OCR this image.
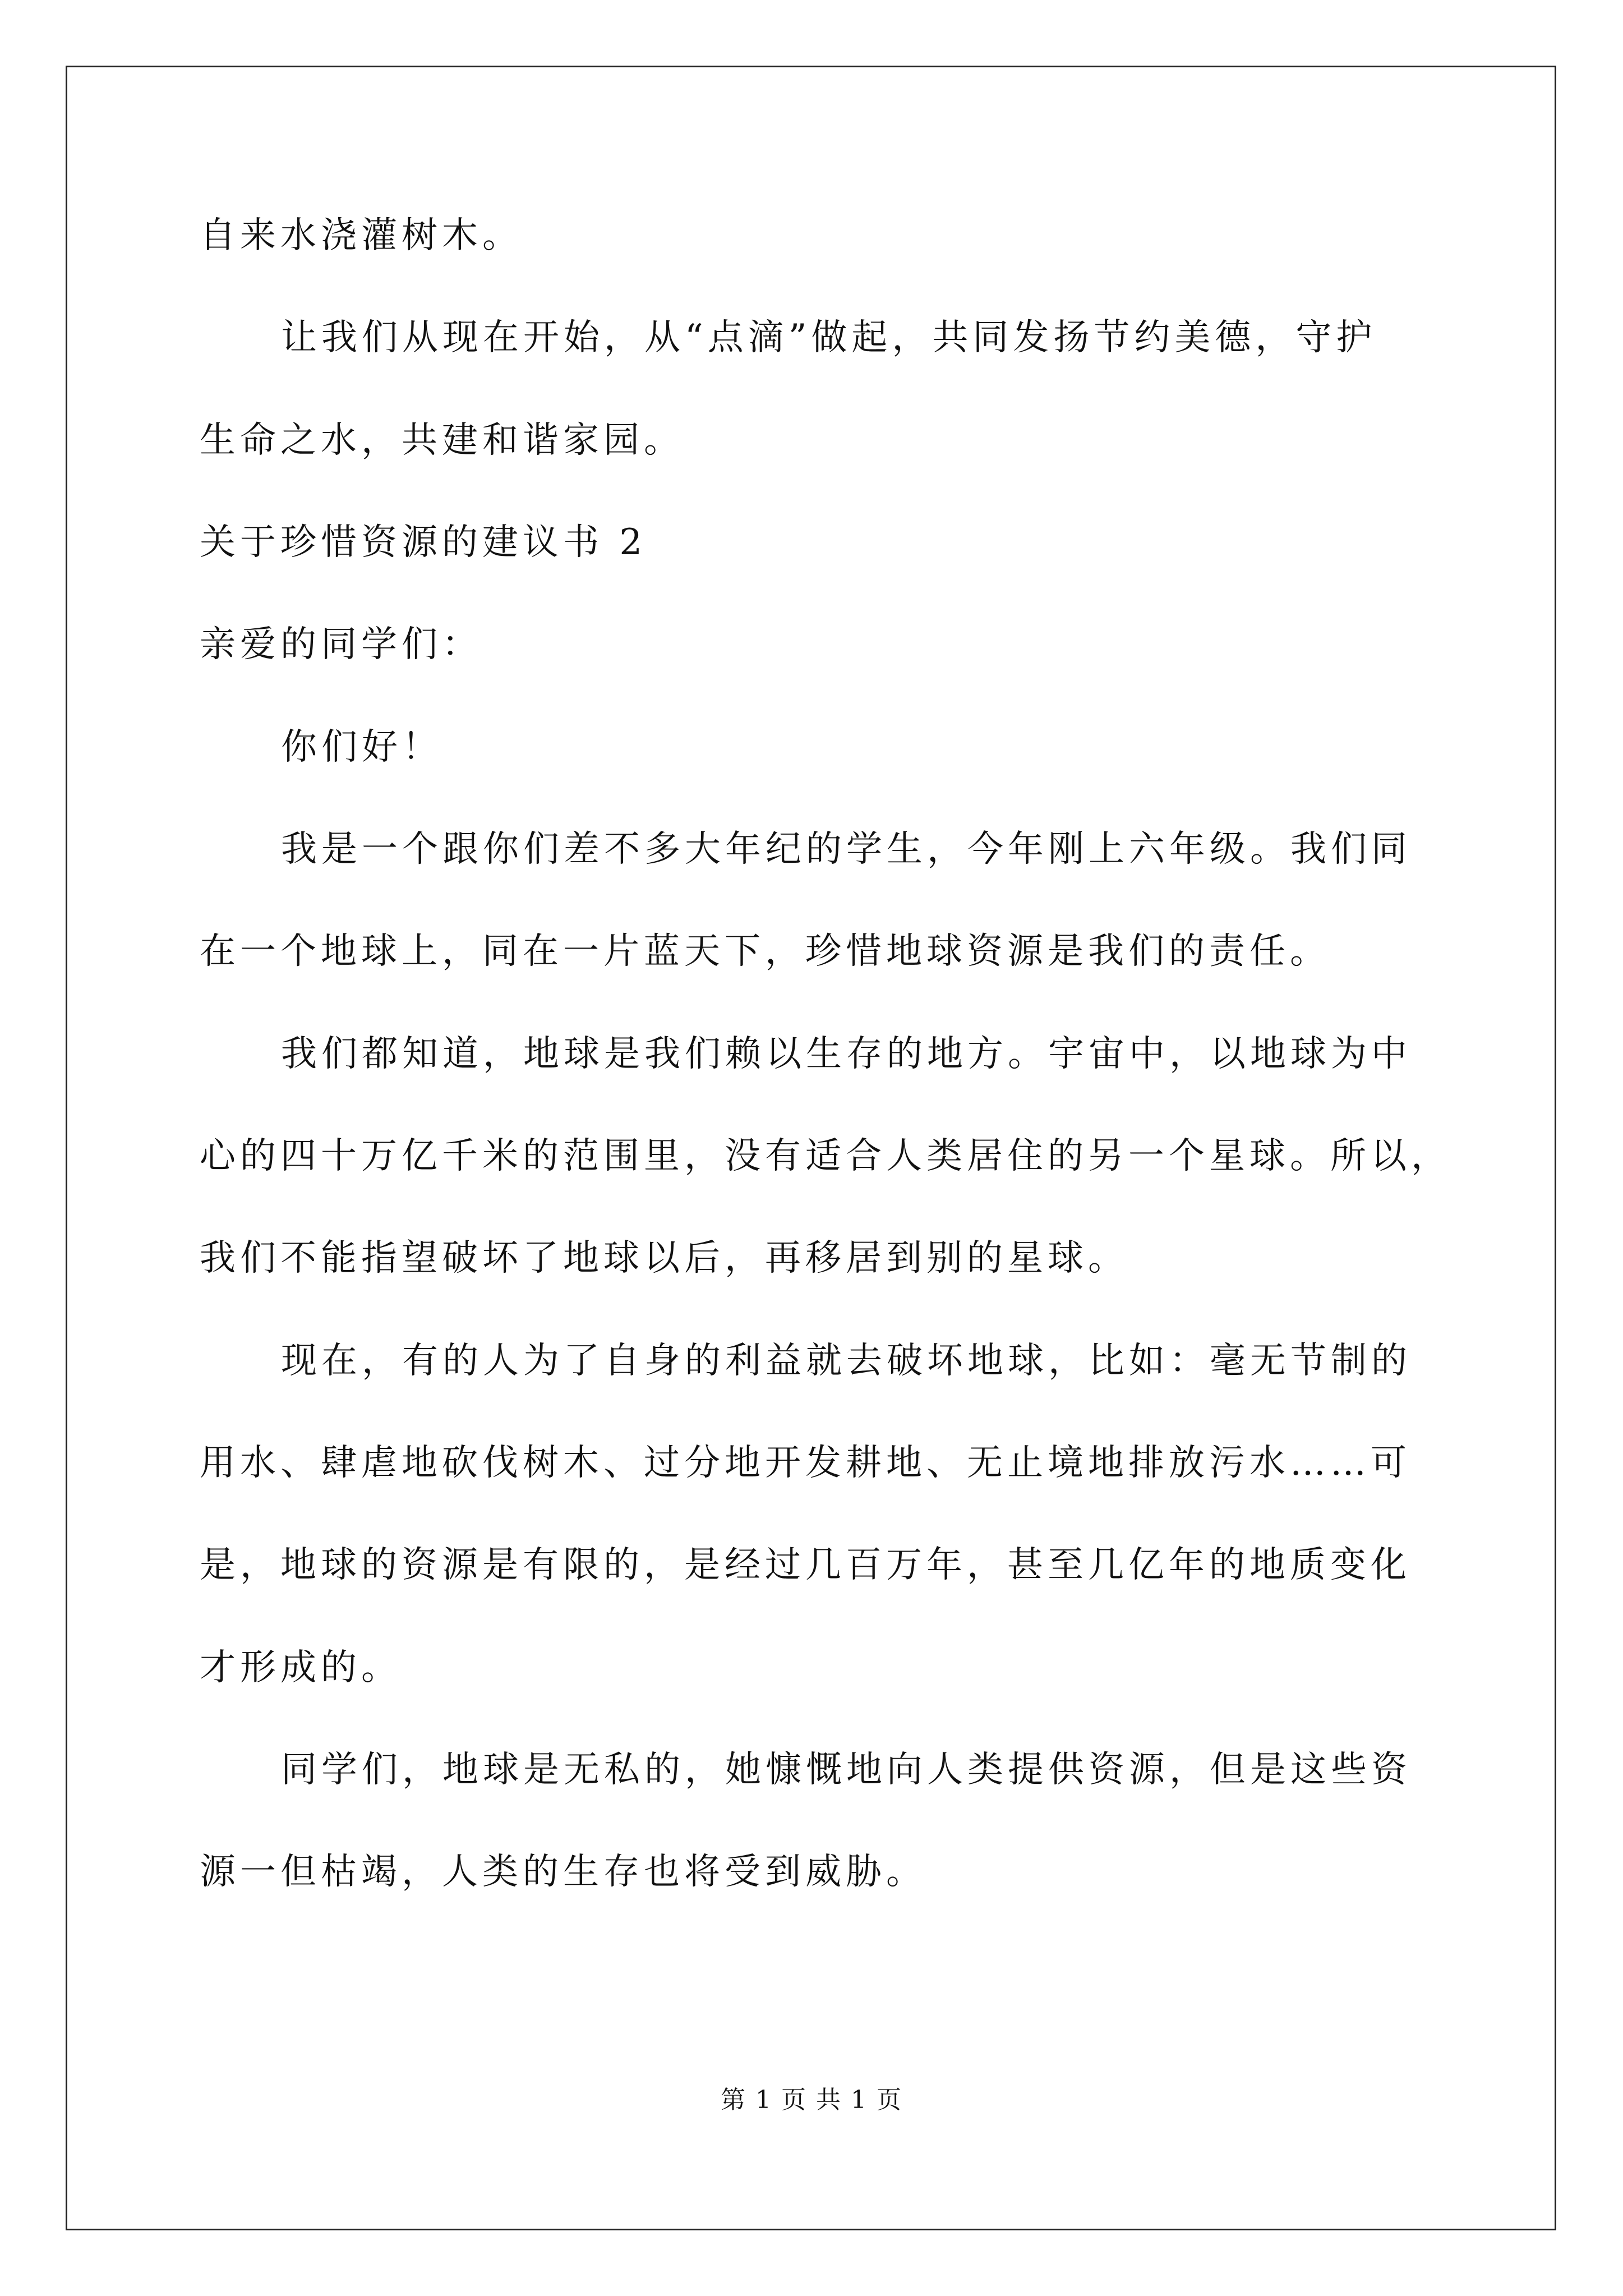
自来水浇灌树木。
让我们从现在开始，从“点滴”做起，共同发扬节约美德，守护
生命之水，共建和谐家园。
关于珍惜资源的建议书 2
亲爱的同学们：
你们好！
我是一个跟你们差不多大年纪的学生，今年刚上六年级。我们同
在一个地球上，同在一片蓝天下，珍惜地球资源是我们的责任。
我们都知道，地球是我们赖以生存的地方。宇宙中，以地球为中
心的四十万亿千米的范围里，没有适合人类居住的另一个星球。所以，
我们不能指望破坏了地球以后，再移居到别的星球。
现在，有的人为了自身的利益就去破坏地球，比如：毫无节制的
用水、肆虐地砍伐树木、过分地开发耕地、无止境地排放污水……可
是，地球的资源是有限的，是经过几百万年，甚至几亿年的地质变化
才形成的。
同学们，地球是无私的，她慷慨地向人类提供资源，但是这些资
源一但枯竭，人类的生存也将受到威胁。
第 1 页 共 1 页
